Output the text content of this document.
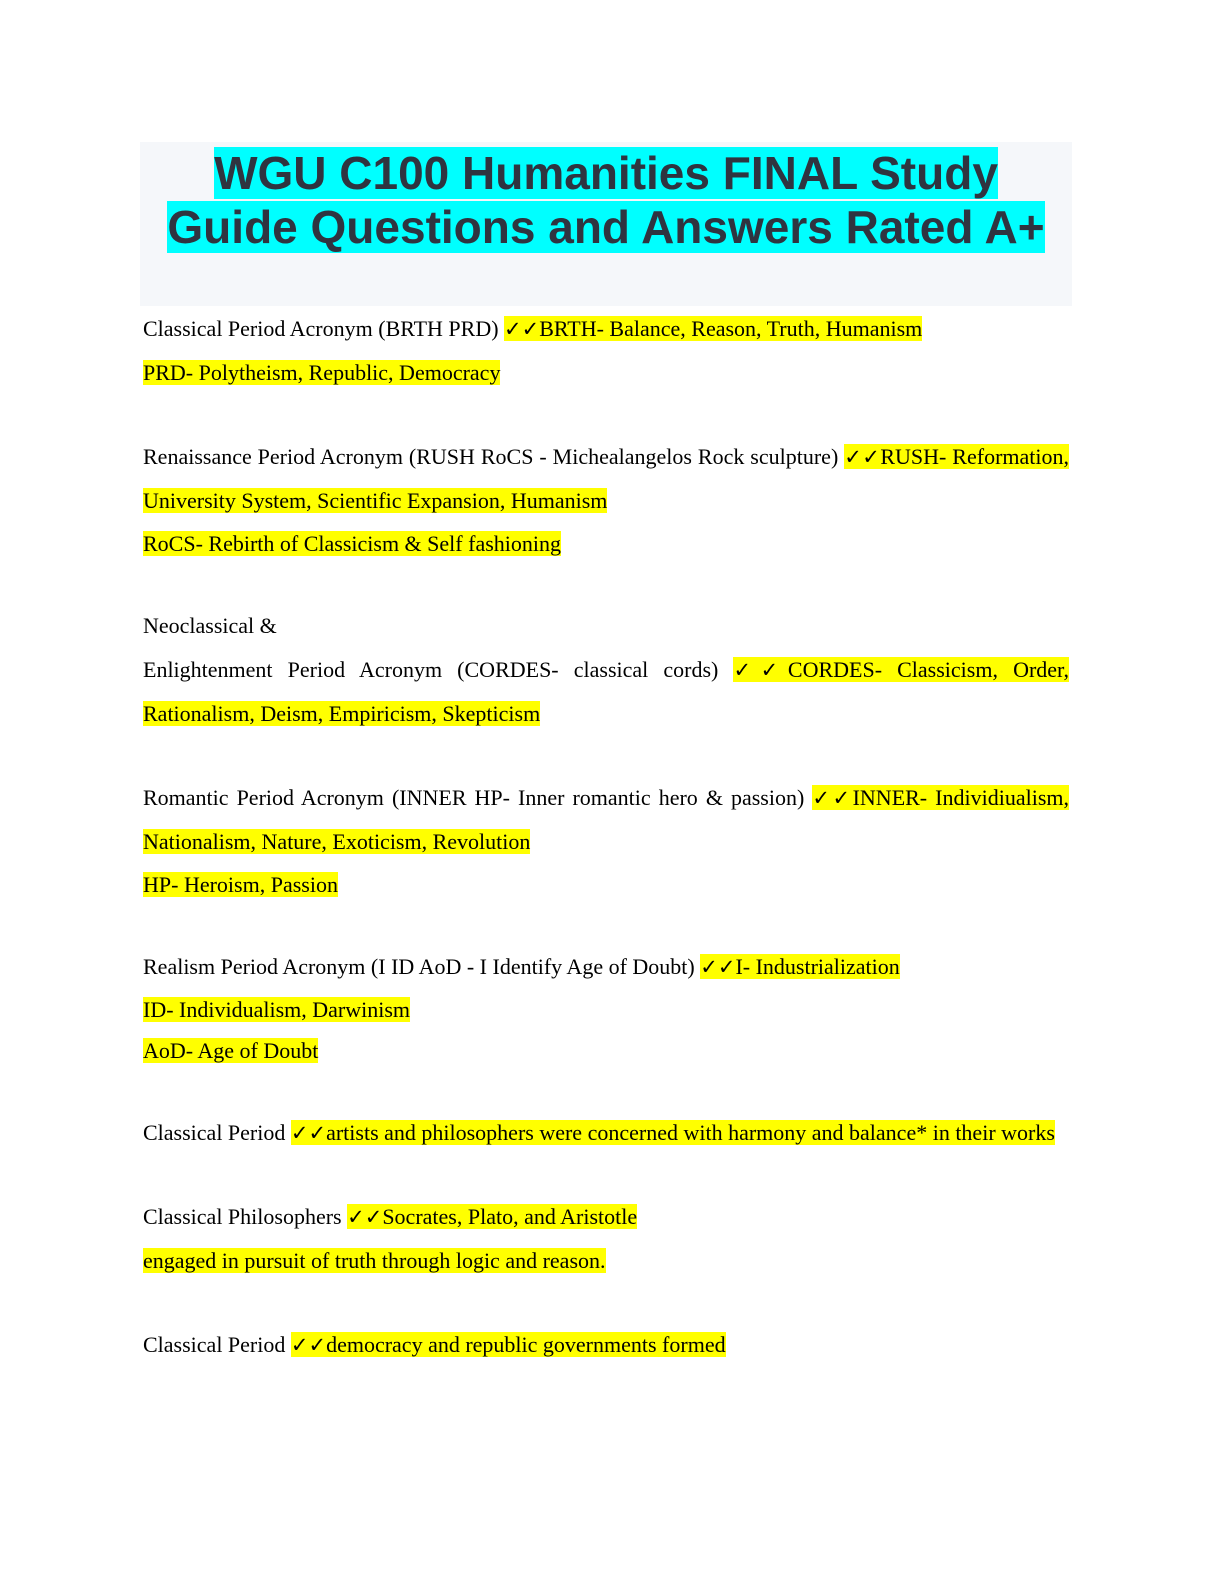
WGU C100 Humanities FINAL Study
Guide Questions and Answers Rated A+

Classical Period Acronym (BRTH PRD) ✓✓BRTH- Balance, Reason, Truth, Humanism

PRD- Polytheism, Republic, Democracy

Renaissance Period Acronym (RUSH RoCS - Michealangelos Rock sculpture) ✓✓RUSH- Reformation, University System, Scientific Expansion, Humanism

RoCS- Rebirth of Classicism & Self fashioning

Neoclassical &

Enlightenment Period Acronym (CORDES- classical cords) ✓✓CORDES- Classicism, Order, Rationalism, Deism, Empiricism, Skepticism

Romantic Period Acronym (INNER HP- Inner romantic hero & passion) ✓✓INNER- Individiualism, Nationalism, Nature, Exoticism, Revolution

HP- Heroism, Passion

Realism Period Acronym (I ID AoD - I Identify Age of Doubt) ✓✓I- Industrialization

ID- Individualism, Darwinism

AoD- Age of Doubt

Classical Period ✓✓artists and philosophers were concerned with harmony and balance* in their works

Classical Philosophers ✓✓Socrates, Plato, and Aristotle

engaged in pursuit of truth through logic and reason.

Classical Period ✓✓democracy and republic governments formed
